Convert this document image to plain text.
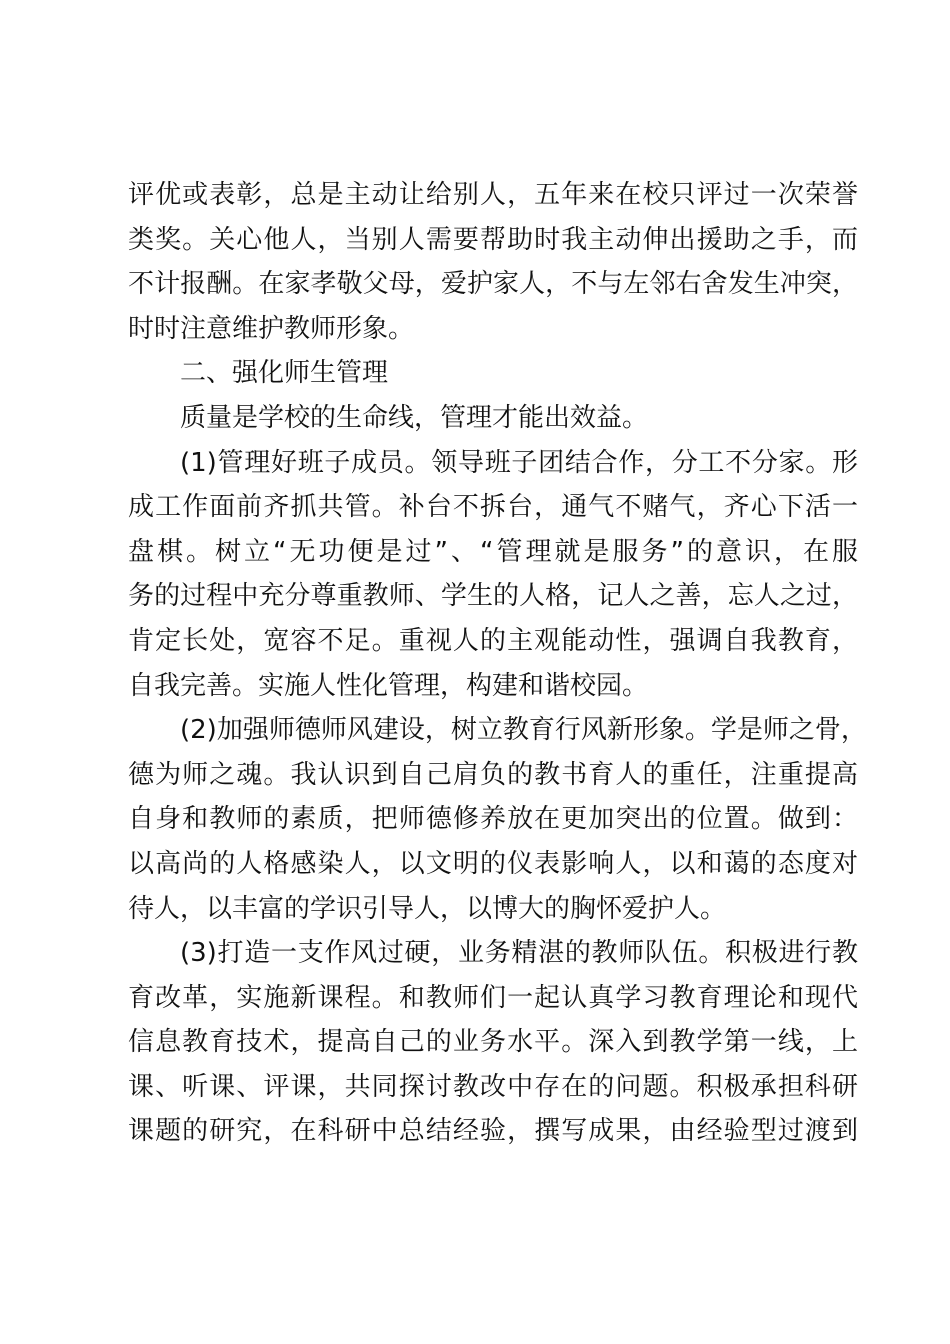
评优或表彰，总是主动让给别人，五年来在校只评过一次荣誉
类奖。关心他人，当别人需要帮助时我主动伸出援助之手，而
不计报酬。在家孝敬父母，爱护家人，不与左邻右舍发生冲突，
时时注意维护教师形象。
二、强化师生管理
质量是学校的生命线，管理才能出效益。
(1)管理好班子成员。领导班子团结合作，分工不分家。形
成工作面前齐抓共管。补台不拆台，通气不赌气，齐心下活一
盘棋。树立“无功便是过”、“管理就是服务”的意识，在服
务的过程中充分尊重教师、学生的人格，记人之善，忘人之过，
肯定长处，宽容不足。重视人的主观能动性，强调自我教育，
自我完善。实施人性化管理，构建和谐校园。
(2)加强师德师风建设，树立教育行风新形象。学是师之骨，
德为师之魂。我认识到自己肩负的教书育人的重任，注重提高
自身和教师的素质，把师德修养放在更加突出的位置。做到：
以高尚的人格感染人，以文明的仪表影响人，以和蔼的态度对
待人，以丰富的学识引导人，以博大的胸怀爱护人。
(3)打造一支作风过硬，业务精湛的教师队伍。积极进行教
育改革，实施新课程。和教师们一起认真学习教育理论和现代
信息教育技术，提高自己的业务水平。深入到教学第一线，上
课、听课、评课，共同探讨教改中存在的问题。积极承担科研
课题的研究，在科研中总结经验，撰写成果，由经验型过渡到
